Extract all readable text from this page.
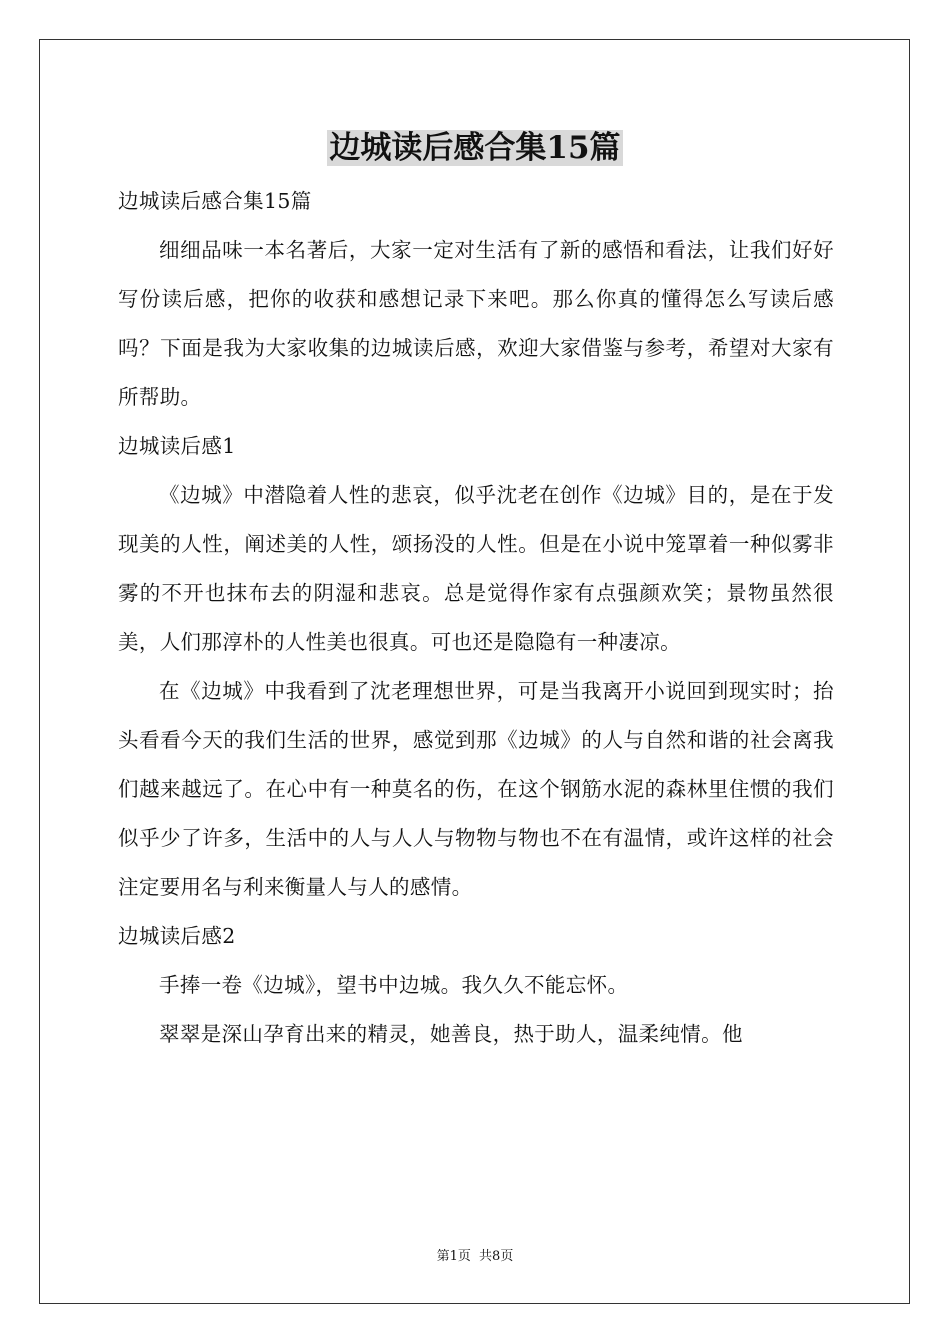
边城读后感合集15篇

边城读后感合集15篇

细细品味一本名著后，大家一定对生活有了新的感悟和看法，让我们好好写份读后感，把你的收获和感想记录下来吧。那么你真的懂得怎么写读后感吗？下面是我为大家收集的边城读后感，欢迎大家借鉴与参考，希望对大家有所帮助。

边城读后感1

《边城》中潜隐着人性的悲哀，似乎沈老在创作《边城》目的，是在于发现美的人性，阐述美的人性，颂扬没的人性。但是在小说中笼罩着一种似雾非雾的不开也抹布去的阴湿和悲哀。总是觉得作家有点强颜欢笑；景物虽然很美，人们那淳朴的人性美也很真。可也还是隐隐有一种凄凉。

在《边城》中我看到了沈老理想世界，可是当我离开小说回到现实时；抬头看看今天的我们生活的世界，感觉到那《边城》的人与自然和谐的社会离我们越来越远了。在心中有一种莫名的伤，在这个钢筋水泥的森林里住惯的我们似乎少了许多，生活中的人与人人与物物与物也不在有温情，或许这样的社会注定要用名与利来衡量人与人的感情。

边城读后感2

手捧一卷《边城》，望书中边城。我久久不能忘怀。

翠翠是深山孕育出来的精灵，她善良，热于助人，温柔纯情。他

第1页 共8页
